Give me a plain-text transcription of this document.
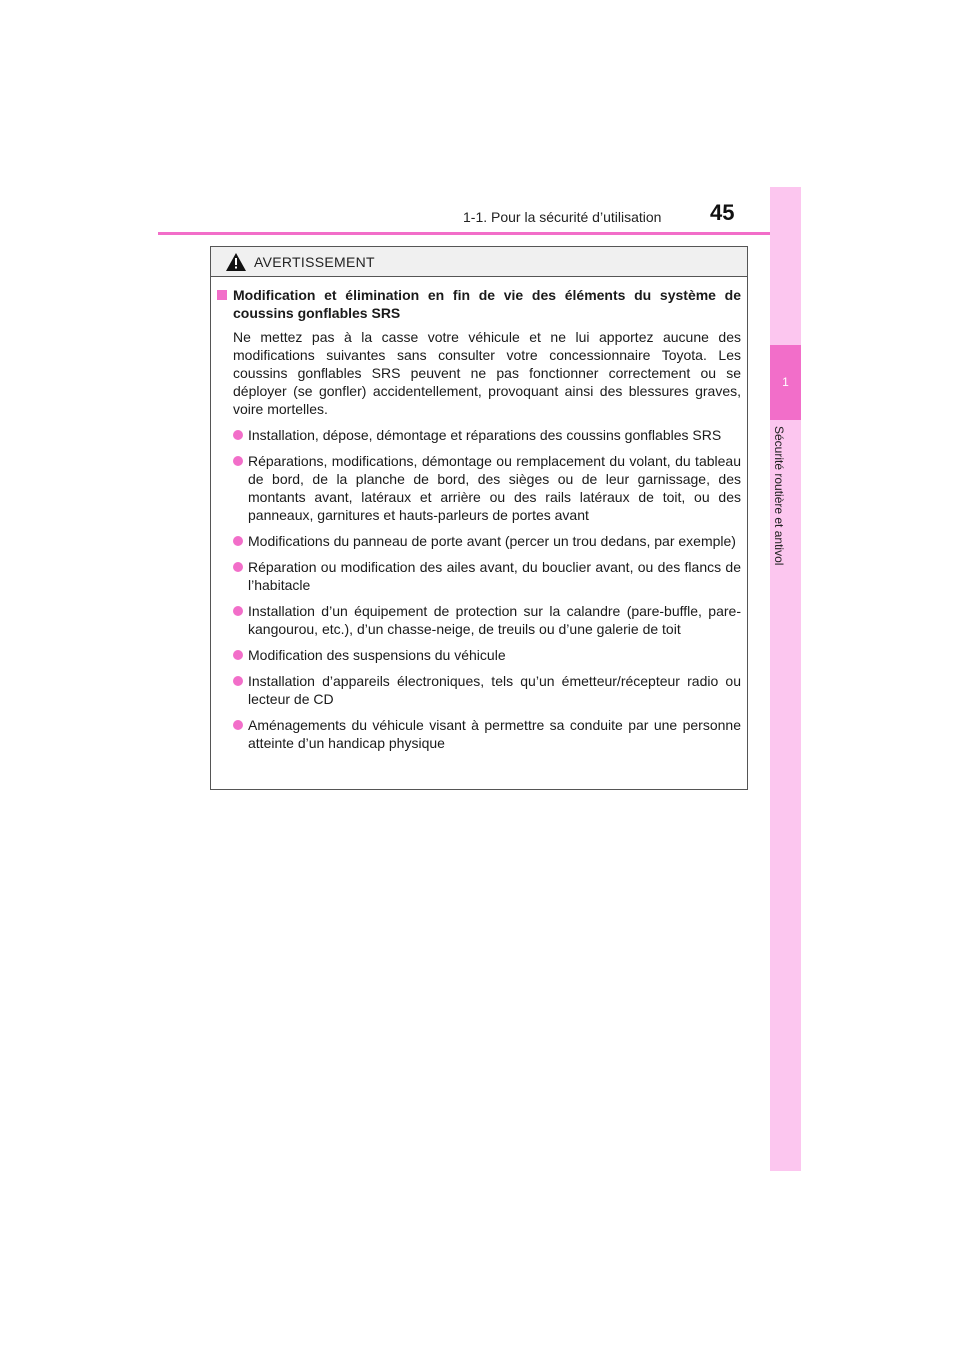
1-1. Pour la sécurité d’utilisation 45
1
Sécurité routière et antivol
AVERTISSEMENT
Modification et élimination en fin de vie des éléments du système de coussins gonflables SRS
Ne mettez pas à la casse votre véhicule et ne lui apportez aucune des modifications suivantes sans consulter votre concessionnaire Toyota. Les coussins gonflables SRS peuvent ne pas fonctionner correctement ou se déployer (se gonfler) accidentellement, provoquant ainsi des blessures graves, voire mortelles.
Installation, dépose, démontage et réparations des coussins gonflables SRS
Réparations, modifications, démontage ou remplacement du volant, du tableau de bord, de la planche de bord, des sièges ou de leur garnissage, des montants avant, latéraux et arrière ou des rails latéraux de toit, ou des panneaux, garnitures et hauts-parleurs de portes avant
Modifications du panneau de porte avant (percer un trou dedans, par exemple)
Réparation ou modification des ailes avant, du bouclier avant, ou des flancs de l’habitacle
Installation d’un équipement de protection sur la calandre (pare-buffle, pare-kangourou, etc.), d’un chasse-neige, de treuils ou d’une galerie de toit
Modification des suspensions du véhicule
Installation d’appareils électroniques, tels qu’un émetteur/récepteur radio ou lecteur de CD
Aménagements du véhicule visant à permettre sa conduite par une personne atteinte d’un handicap physique
